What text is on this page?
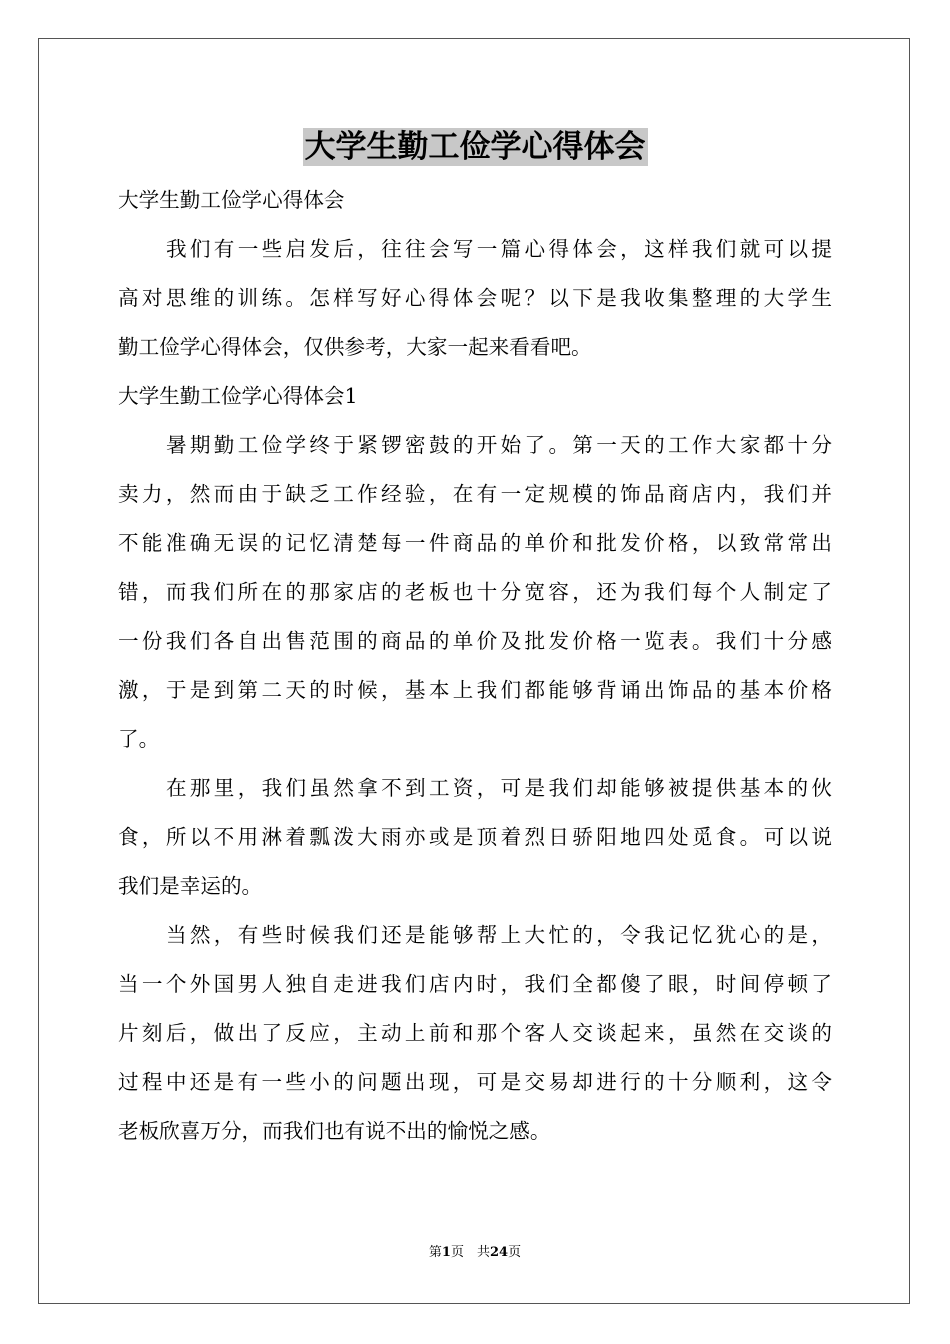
大学生勤工俭学心得体会
大学生勤工俭学心得体会
我们有一些启发后，往往会写一篇心得体会，这样我们就可以提
高对思维的训练。怎样写好心得体会呢？以下是我收集整理的大学生
勤工俭学心得体会，仅供参考，大家一起来看看吧。
大学生勤工俭学心得体会1
暑期勤工俭学终于紧锣密鼓的开始了。第一天的工作大家都十分
卖力，然而由于缺乏工作经验，在有一定规模的饰品商店内，我们并
不能准确无误的记忆清楚每一件商品的单价和批发价格，以致常常出
错，而我们所在的那家店的老板也十分宽容，还为我们每个人制定了
一份我们各自出售范围的商品的单价及批发价格一览表。我们十分感
激，于是到第二天的时候，基本上我们都能够背诵出饰品的基本价格
了。
在那里，我们虽然拿不到工资，可是我们却能够被提供基本的伙
食，所以不用淋着瓢泼大雨亦或是顶着烈日骄阳地四处觅食。可以说
我们是幸运的。
当然，有些时候我们还是能够帮上大忙的，令我记忆犹心的是，
当一个外国男人独自走进我们店内时，我们全都傻了眼，时间停顿了
片刻后，做出了反应，主动上前和那个客人交谈起来，虽然在交谈的
过程中还是有一些小的问题出现，可是交易却进行的十分顺利，这令
老板欣喜万分，而我们也有说不出的愉悦之感。
第1页　共24页
